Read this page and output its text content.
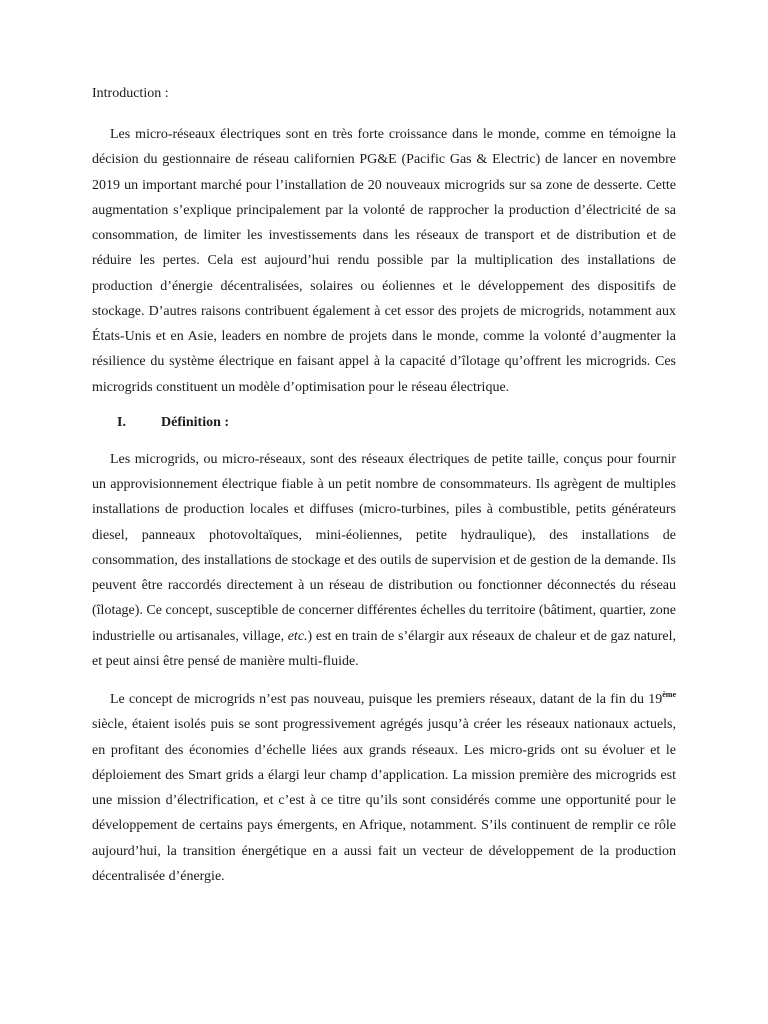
Introduction :

Les micro-réseaux électriques sont en très forte croissance dans le monde, comme en témoigne la décision du gestionnaire de réseau californien PG&E (Pacific Gas & Electric) de lancer en novembre 2019 un important marché pour l’installation de 20 nouveaux microgrids sur sa zone de desserte. Cette augmentation s’explique principalement par la volonté de rapprocher la production d’électricité de sa consommation, de limiter les investissements dans les réseaux de transport et de distribution et de réduire les pertes. Cela est aujourd’hui rendu possible par la multiplication des installations de production d’énergie décentralisées, solaires ou éoliennes et le développement des dispositifs de stockage. D’autres raisons contribuent également à cet essor des projets de microgrids, notamment aux États-Unis et en Asie, leaders en nombre de projets dans le monde, comme la volonté d’augmenter la résilience du système électrique en faisant appel à la capacité d’îlotage qu’offrent les microgrids. Ces microgrids constituent un modèle d’optimisation pour le réseau électrique.

I.	Définition :

Les microgrids, ou micro-réseaux, sont des réseaux électriques de petite taille, conçus pour fournir un approvisionnement électrique fiable à un petit nombre de consommateurs. Ils agrègent de multiples installations de production locales et diffuses (micro-turbines, piles à combustible, petits générateurs diesel, panneaux photovoltaïques, mini-éoliennes, petite hydraulique), des installations de consommation, des installations de stockage et des outils de supervision et de gestion de la demande. Ils peuvent être raccordés directement à un réseau de distribution ou fonctionner déconnectés du réseau (îlotage). Ce concept, susceptible de concerner différentes échelles du territoire (bâtiment, quartier, zone industrielle ou artisanales, village, etc.) est en train de s’élargir aux réseaux de chaleur et de gaz naturel, et peut ainsi être pensé de manière multi-fluide.

Le concept de microgrids n’est pas nouveau, puisque les premiers réseaux, datant de la fin du 19ème siècle, étaient isolés puis se sont progressivement agrégés jusqu’à créer les réseaux nationaux actuels, en profitant des économies d’échelle liées aux grands réseaux. Les micro-grids ont su évoluer et le déploiement des Smart grids a élargi leur champ d’application. La mission première des microgrids est une mission d’électrification, et c’est à ce titre qu’ils sont considérés comme une opportunité pour le développement de certains pays émergents, en Afrique, notamment. S’ils continuent de remplir ce rôle aujourd’hui, la transition énergétique en a aussi fait un vecteur de développement de la production décentralisée d’énergie.
